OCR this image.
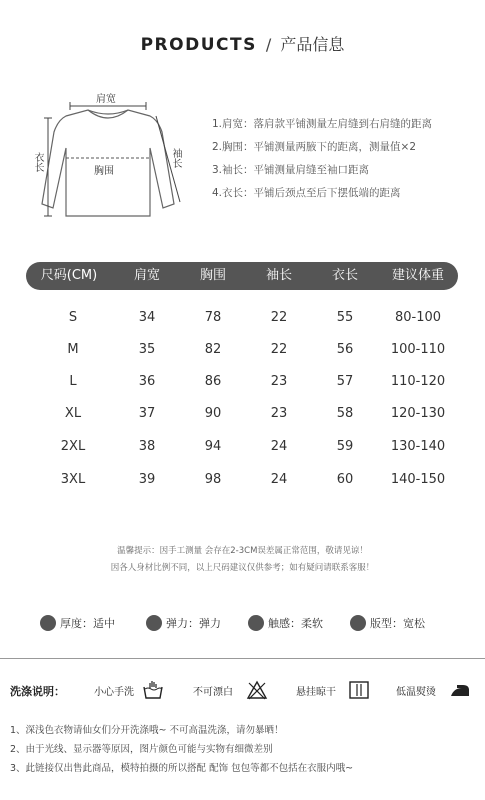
PRODUCTS / 产品信息
肩宽
胸围
袖长
衣长
1.肩宽：落肩款平铺测量左肩缝到右肩缝的距离
2.胸围：平铺测量两腋下的距离，测量值×2
3.袖长：平铺测量肩缝至袖口距离
4.衣长：平铺后颈点至后下摆低端的距离
尺码(CM)	肩宽	胸围	袖长	衣长	建议体重
S	34	78	22	55	80-100
M	35	82	22	56	100-110
L	36	86	23	57	110-120
XL	37	90	23	58	120-130
2XL	38	94	24	59	130-140
3XL	39	98	24	60	140-150
温馨提示：因手工测量 会存在2-3CM误差属正常范围，敬请见谅！
因各人身材比例不同，以上尺码建议仅供参考；如有疑问请联系客服！
厚度：适中	弹力：弹力	触感：柔软	版型：宽松
洗涤说明：	小心手洗	不可漂白	悬挂晾干	低温熨烫
1、深浅色衣物请仙女们分开洗涤哦~ 不可高温洗涤，请勿暴晒！
2、由于光线、显示器等原因，图片颜色可能与实物有细微差别
3、此链接仅出售此商品，模特拍摄的所以搭配 配饰 包包等都不包括在衣服内哦~
